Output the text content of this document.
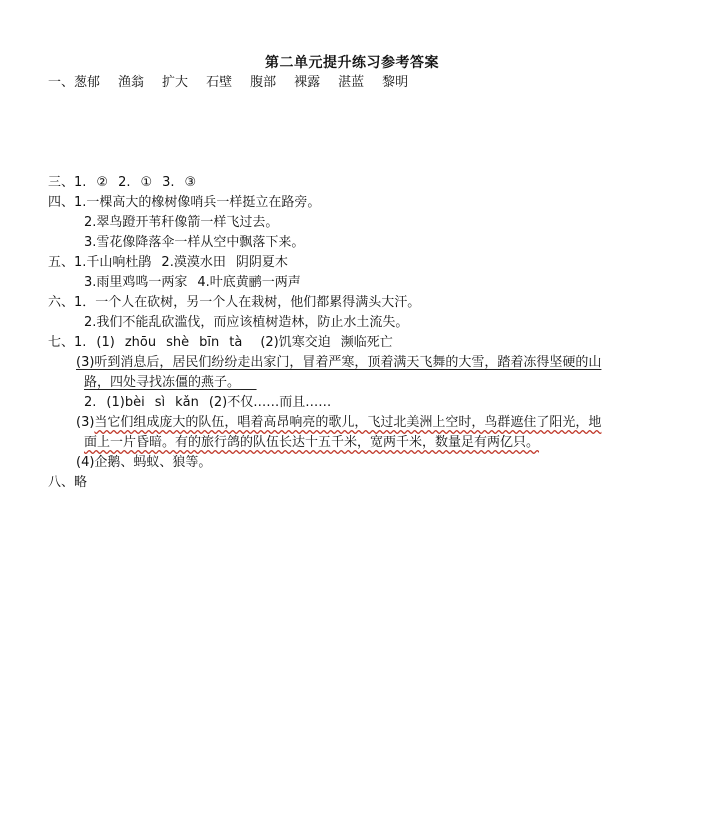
第二单元提升练习参考答案
一、葱郁 渔翁 扩大 石壁 腹部 裸露 湛蓝 黎明
三、1. ② 2. ① 3. ③
四、1.一棵高大的橡树像哨兵一样挺立在路旁。
2.翠鸟蹬开苇秆像箭一样飞过去。
3.雪花像降落伞一样从空中飘落下来。
五、1.千山响杜鹃 2.漠漠水田 阴阴夏木
3.雨里鸡鸣一两家 4.叶底黄鹂一两声
六、1．一个人在砍树，另一个人在栽树，他们都累得满头大汗。
2.我们不能乱砍滥伐，而应该植树造林，防止水土流失。
七、1. (1) zhōu shè bīn tà (2)饥寒交迫 濒临死亡
(3)听到消息后，居民们纷纷走出家门，冒着严寒，顶着满天飞舞的大雪，踏着冻得坚硬的山
路，四处寻找冻僵的燕子。
2. (1)bèi sì kǎn (2)不仅……而且……
(3)当它们组成庞大的队伍，唱着高昂响亮的歌儿，飞过北美洲上空时，鸟群遮住了阳光，地
面上一片昏暗。有的旅行鸽的队伍长达十五千米，宽两千米，数量足有两亿只。
(4)企鹅、蚂蚁、狼等。
八、略
